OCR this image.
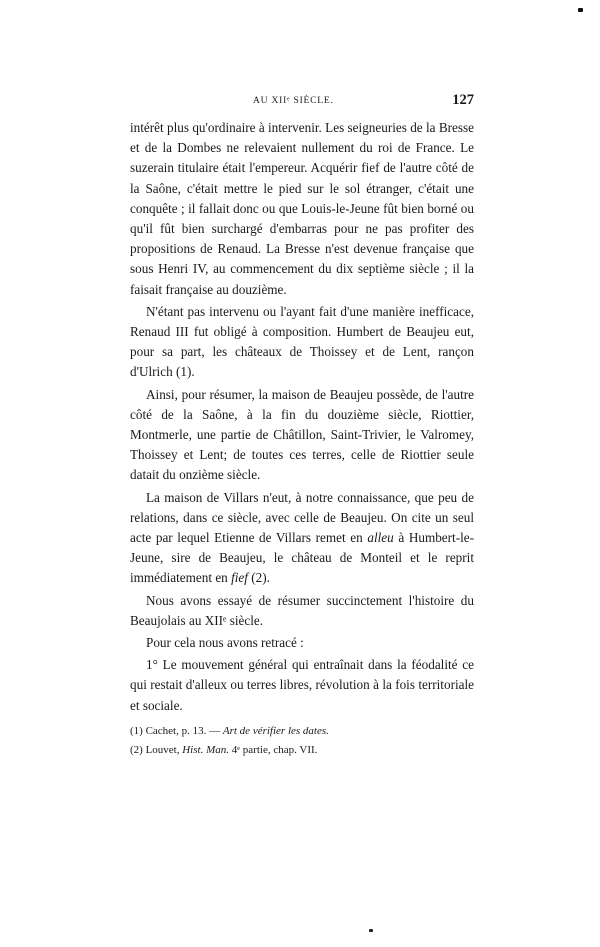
AU XIIᵉ SIÈCLE.	127

intérêt plus qu'ordinaire à intervenir. Les seigneuries de la Bresse et de la Dombes ne relevaient nullement du roi de France. Le suzerain titulaire était l'empereur. Acquérir fief de l'autre côté de la Saône, c'était mettre le pied sur le sol étranger, c'était une conquête ; il fallait donc ou que Louis-le-Jeune fût bien borné ou qu'il fût bien surchargé d'embarras pour ne pas profiter des propositions de Renaud. La Bresse n'est devenue française que sous Henri IV, au commencement du dix septième siècle ; il la faisait française au douzième.

N'étant pas intervenu ou l'ayant fait d'une manière inefficace, Renaud III fut obligé à composition. Humbert de Beaujeu eut, pour sa part, les châteaux de Thoissey et de Lent, rançon d'Ulrich (1).

Ainsi, pour résumer, la maison de Beaujeu possède, de l'autre côté de la Saône, à la fin du douzième siècle, Riottier, Montmerle, une partie de Châtillon, Saint-Trivier, le Valromey, Thoissey et Lent; de toutes ces terres, celle de Riottier seule datait du onzième siècle.

La maison de Villars n'eut, à notre connaissance, que peu de relations, dans ce siècle, avec celle de Beaujeu. On cite un seul acte par lequel Etienne de Villars remet en alleu à Humbert-le-Jeune, sire de Beaujeu, le château de Monteil et le reprit immédiatement en fief (2).

Nous avons essayé de résumer succinctement l'histoire du Beaujolais au XIIᵉ siècle.

Pour cela nous avons retracé :

1° Le mouvement général qui entraînait dans la féodalité ce qui restait d'alleux ou terres libres, révolution à la fois territoriale et sociale.

(1) Cachet, p. 13. — Art de vérifier les dates.

(2) Louvet, Hist. Man. 4ᵉ partie, chap. VII.
